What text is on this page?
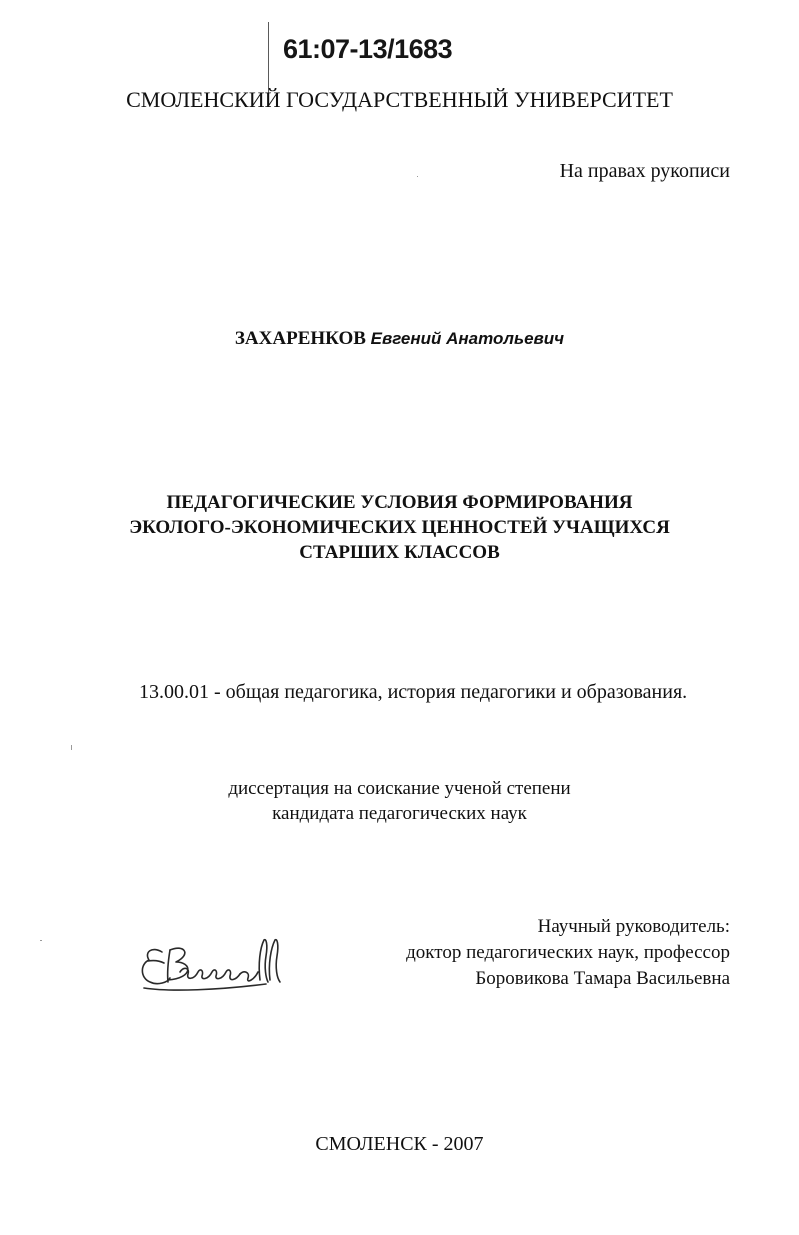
61:07-13/1683
СМОЛЕНСКИЙ ГОСУДАРСТВЕННЫЙ УНИВЕРСИТЕТ
На правах рукописи
ЗАХАРЕНКОВ Евгений Анатольевич
ПЕДАГОГИЧЕСКИЕ УСЛОВИЯ ФОРМИРОВАНИЯ
ЭКОЛОГО-ЭКОНОМИЧЕСКИХ ЦЕННОСТЕЙ УЧАЩИХСЯ
СТАРШИХ КЛАССОВ
13.00.01 - общая педагогика, история педагогики и образования.
диссертация на соискание ученой степени
кандидата педагогических наук
Научный руководитель:
доктор педагогических наук, профессор
Боровикова Тамара Васильевна
СМОЛЕНСК - 2007
